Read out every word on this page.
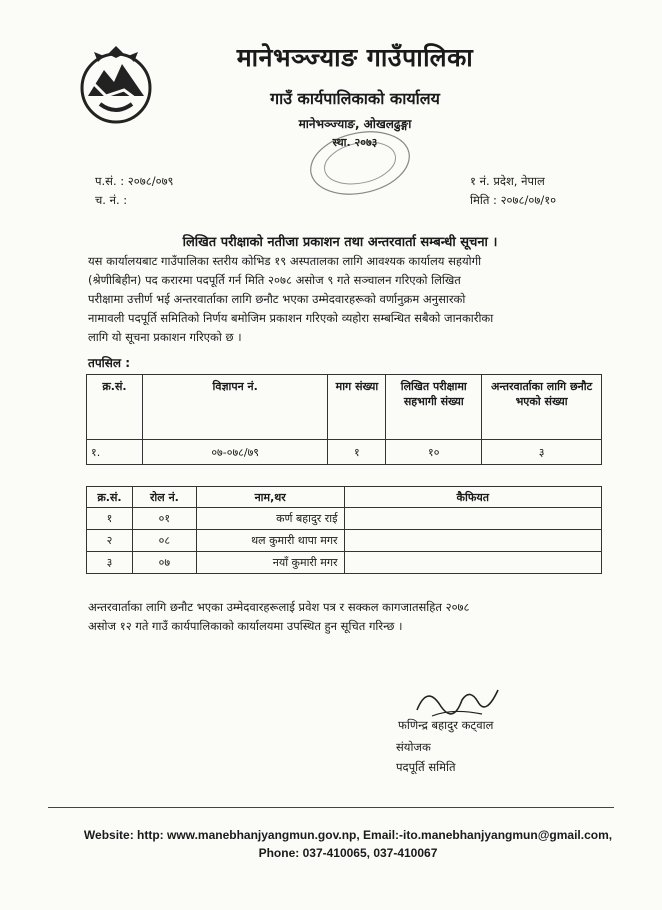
मानेभञ्ज्याङ गाउँपालिका
गाउँ कार्यपालिकाको कार्यालय
मानेभञ्ज्याङ, ओखलढुङ्गा
स्था. २०७३
प.सं. : २०७८/०७९
च. नं. :
१ नं. प्रदेश, नेपाल
मिति : २०७८/०७/१०
लिखित परीक्षाको नतीजा प्रकाशन तथा अन्तरवार्ता सम्बन्धी सूचना ।
यस कार्यालयबाट गाउँपालिका स्तरीय कोभिड १९ अस्पतालका लागि आवश्यक कार्यालय सहयोगी
(श्रेणीबिहीन) पद करारमा पदपूर्ति गर्न मिति २०७८ असोज ९ गते सञ्चालन गरिएको लिखित
परीक्षामा उत्तीर्ण भई अन्तरवार्ताका लागि छनौट भएका उम्मेदवारहरूको वर्णानुक्रम अनुसारको
नामावली पदपूर्ति समितिको निर्णय बमोजिम प्रकाशन गरिएको व्यहोरा सम्बन्धित सबैको जानकारीका
लागि यो सूचना प्रकाशन गरिएको छ ।
तपसिल :
क्र.सं.	विज्ञापन नं.	माग संख्या	लिखित परीक्षामा सहभागी संख्या	अन्तरवार्ताका लागि छनौट भएको संख्या
१.	०७-०७८/७९	१	१०	३
क्र.सं.	रोल नं.	नाम,थर	कैफियत
१	०१	कर्ण बहादुर राई	
२	०८	थल कुमारी थापा मगर	
३	०७	नयाँ कुमारी मगर	
अन्तरवार्ताका लागि छनौट भएका उम्मेदवारहरूलाई प्रवेश पत्र र सक्कल कागजातसहित २०७८
असोज १२ गते गाउँ कार्यपालिकाको कार्यालयमा उपस्थित हुन सूचित गरिन्छ ।
फणिन्द्र बहादुर कट्वाल
संयोजक
पदपूर्ति समिति
Website: http: www.manebhanjyangmun.gov.np, Email:-ito.manebhanjyangmun@gmail.com,
Phone: 037-410065, 037-410067
